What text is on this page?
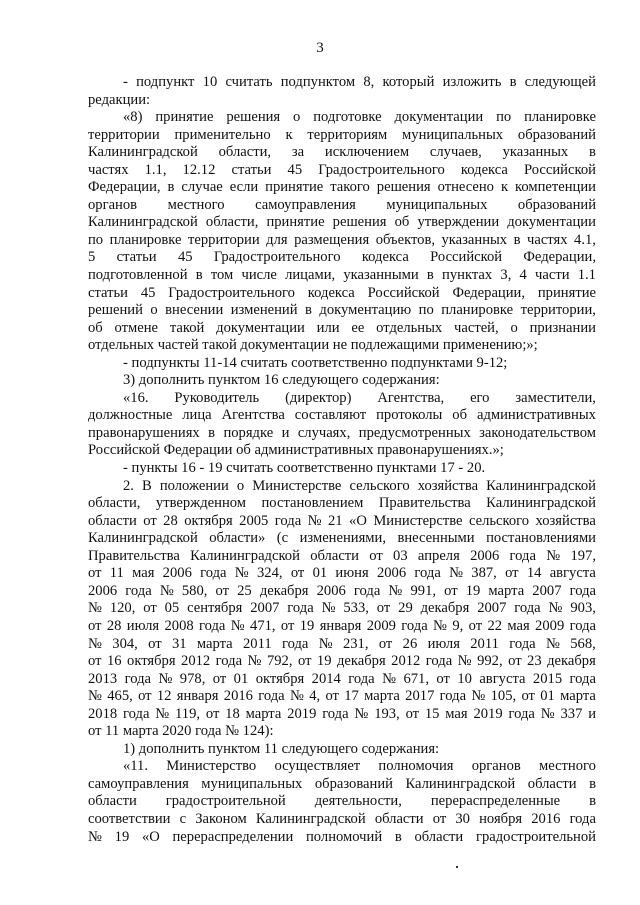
3
- подпункт 10 считать подпунктом 8, который изложить в следующей
редакции:
«8) принятие решения о подготовке документации по планировке
территории применительно к территориям муниципальных образований
Калининградской области, за исключением случаев, указанных в
частях 1.1, 12.12 статьи 45 Градостроительного кодекса Российской
Федерации, в случае если принятие такого решения отнесено к компетенции
органов местного самоуправления муниципальных образований
Калининградской области, принятие решения об утверждении документации
по планировке территории для размещения объектов, указанных в частях 4.1,
5 статьи 45 Градостроительного кодекса Российской Федерации,
подготовленной в том числе лицами, указанными в пунктах 3, 4 части 1.1
статьи 45 Градостроительного кодекса Российской Федерации, принятие
решений о внесении изменений в документацию по планировке территории,
об отмене такой документации или ее отдельных частей, о признании
отдельных частей такой документации не подлежащими применению;»;
- подпункты 11-14 считать соответственно подпунктами 9-12;
3) дополнить пунктом 16 следующего содержания:
«16. Руководитель (директор) Агентства, его заместители,
должностные лица Агентства составляют протоколы об административных
правонарушениях в порядке и случаях, предусмотренных законодательством
Российской Федерации об административных правонарушениях.»;
- пункты 16 - 19 считать соответственно пунктами 17 - 20.
2. В положении о Министерстве сельского хозяйства Калининградской
области, утвержденном постановлением Правительства Калининградской
области от 28 октября 2005 года № 21 «О Министерстве сельского хозяйства
Калининградской области» (с изменениями, внесенными постановлениями
Правительства Калининградской области от 03 апреля 2006 года № 197,
от 11 мая 2006 года № 324, от 01 июня 2006 года № 387, от 14 августа
2006 года № 580, от 25 декабря 2006 года № 991, от 19 марта 2007 года
№ 120, от 05 сентября 2007 года № 533, от 29 декабря 2007 года № 903,
от 28 июля 2008 года № 471, от 19 января 2009 года № 9, от 22 мая 2009 года
№ 304, от 31 марта 2011 года № 231, от 26 июля 2011 года № 568,
от 16 октября 2012 года № 792, от 19 декабря 2012 года № 992, от 23 декабря
2013 года № 978, от 01 октября 2014 года № 671, от 10 августа 2015 года
№ 465, от 12 января 2016 года № 4, от 17 марта 2017 года № 105, от 01 марта
2018 года № 119, от 18 марта 2019 года № 193, от 15 мая 2019 года № 337 и
от 11 марта 2020 года № 124):
1) дополнить пунктом 11 следующего содержания:
«11. Министерство осуществляет полномочия органов местного
самоуправления муниципальных образований Калининградской области в
области градостроительной деятельности, перераспределенные в
соответствии с Законом Калининградской области от 30 ноября 2016 года
№ 19 «О перераспределении полномочий в области градостроительной
